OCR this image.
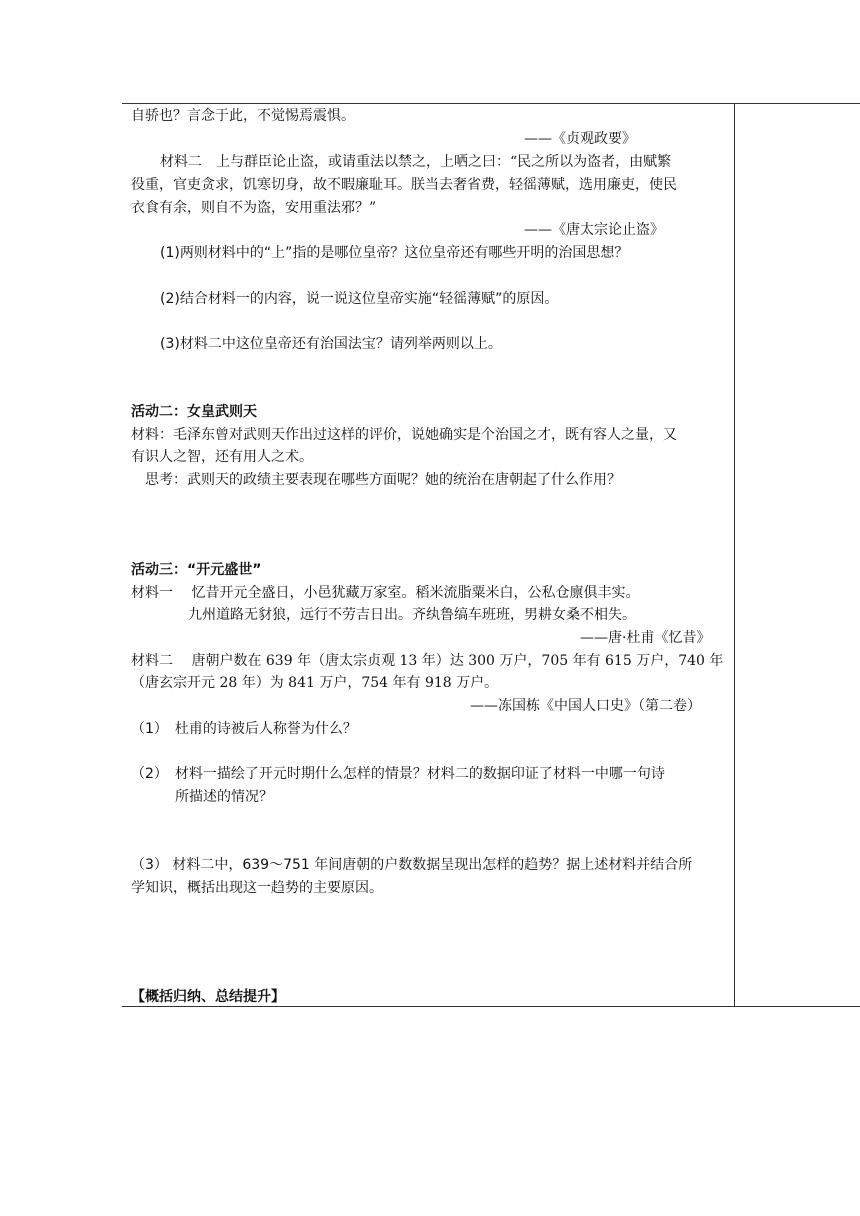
自骄也？言念于此，不觉惕焉震惧。
——《贞观政要》
材料二　上与群臣论止盗，或请重法以禁之，上哂之曰：“民之所以为盗者，由赋繁
役重，官吏贪求，饥寒切身，故不暇廉耻耳。朕当去奢省费，轻徭薄赋，选用廉吏，使民
衣食有余，则自不为盗，安用重法邪？”
——《唐太宗论止盗》
(1)两则材料中的“上”指的是哪位皇帝？这位皇帝还有哪些开明的治国思想？
(2)结合材料一的内容，说一说这位皇帝实施“轻徭薄赋”的原因。
(3)材料二中这位皇帝还有治国法宝？请列举两则以上。
活动二：女皇武则天
材料：毛泽东曾对武则天作出过这样的评价，说她确实是个治国之才，既有容人之量，又
有识人之智，还有用人之术。
思考：武则天的政绩主要表现在哪些方面呢？她的统治在唐朝起了什么作用？
活动三：“开元盛世”
材料一　 忆昔开元全盛日，小邑犹藏万家室。稻米流脂粟米白，公私仓廪俱丰实。
九州道路无豺狼，远行不劳吉日出。齐纨鲁缟车班班，男耕女桑不相失。
——唐·杜甫《忆昔》
材料二　 唐朝户数在 639 年（唐太宗贞观 13 年）达 300 万户，705 年有 615 万户，740 年
（唐玄宗开元 28 年）为 841 万户，754 年有 918 万户。
——冻国栋《中国人口史》（第二卷）
（1）　杜甫的诗被后人称誉为什么？
（2）　材料一描绘了开元时期什么怎样的情景？材料二的数据印证了材料一中哪一句诗
所描述的情况？
（3） 材料二中，639～751 年间唐朝的户数数据呈现出怎样的趋势？据上述材料并结合所
学知识，概括出现这一趋势的主要原因。
【概括归纳、总结提升】
